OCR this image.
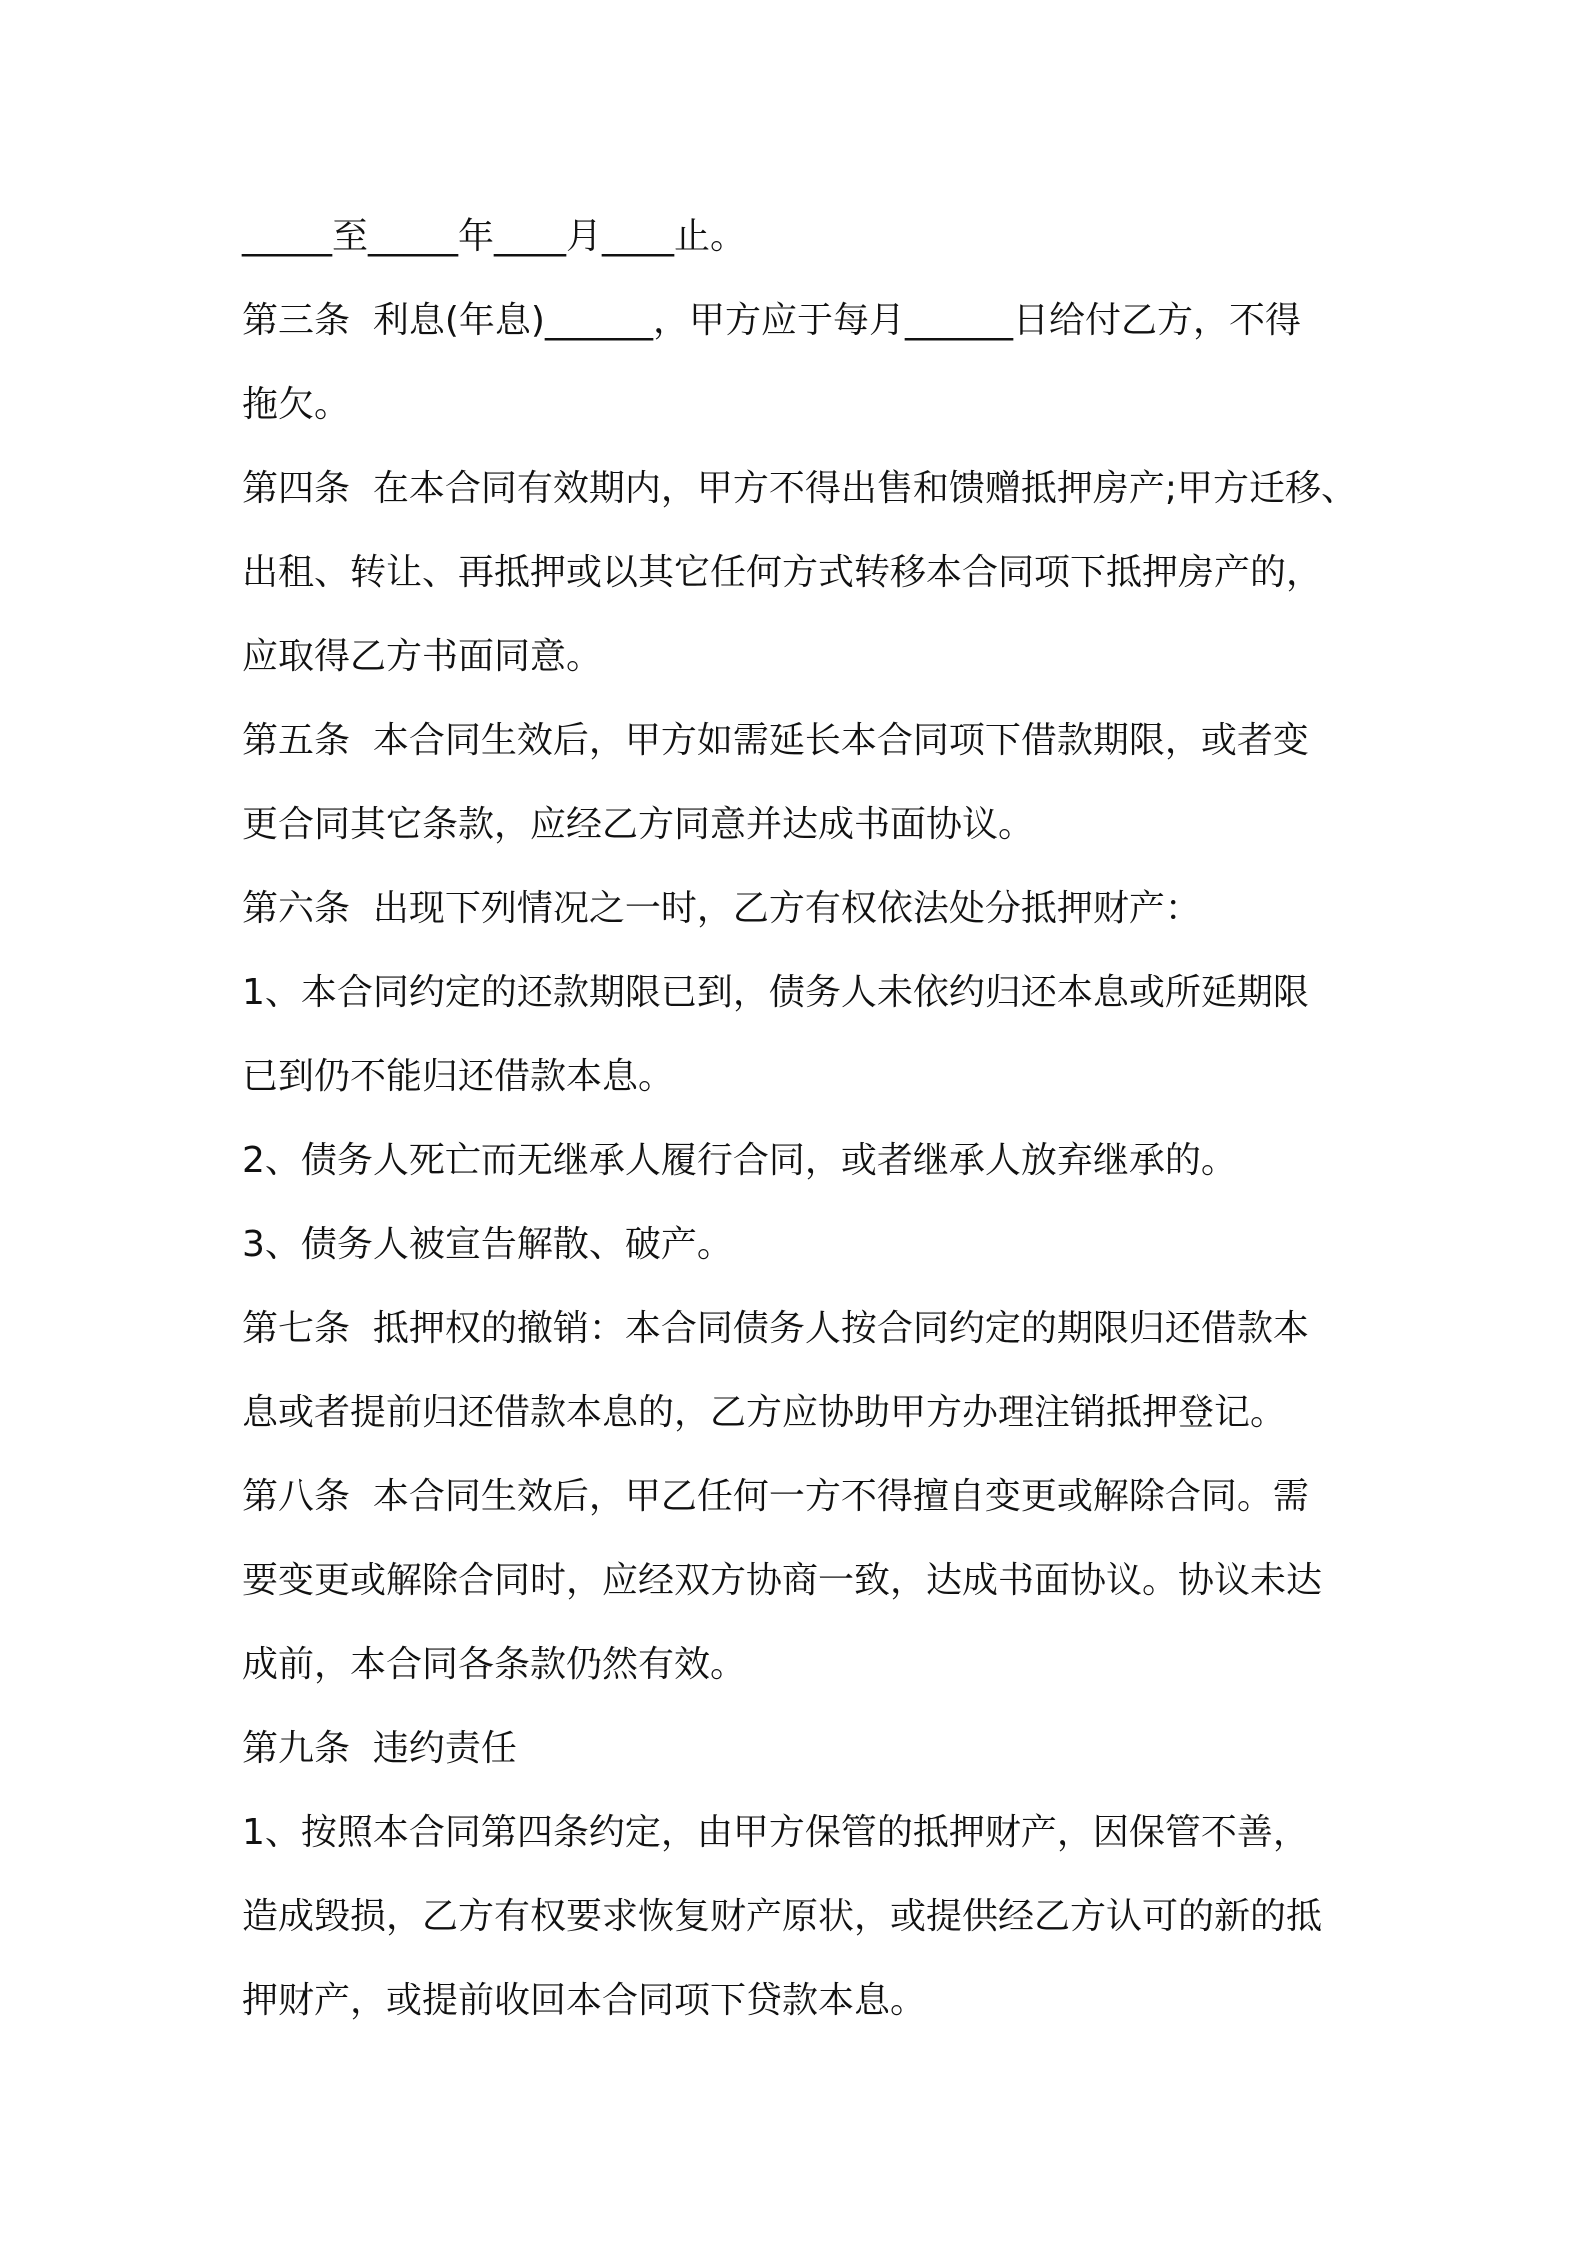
_____至_____年____月____止。
第三条  利息(年息)______，甲方应于每月______日给付乙方，不得
拖欠。
第四条  在本合同有效期内，甲方不得出售和馈赠抵押房产;甲方迁移、
出租、转让、再抵押或以其它任何方式转移本合同项下抵押房产的，
应取得乙方书面同意。
第五条  本合同生效后，甲方如需延长本合同项下借款期限，或者变
更合同其它条款，应经乙方同意并达成书面协议。
第六条  出现下列情况之一时，乙方有权依法处分抵押财产：
1、本合同约定的还款期限已到，债务人未依约归还本息或所延期限
已到仍不能归还借款本息。
2、债务人死亡而无继承人履行合同，或者继承人放弃继承的。
3、债务人被宣告解散、破产。
第七条  抵押权的撤销：本合同债务人按合同约定的期限归还借款本
息或者提前归还借款本息的，乙方应协助甲方办理注销抵押登记。
第八条  本合同生效后，甲乙任何一方不得擅自变更或解除合同。需
要变更或解除合同时，应经双方协商一致，达成书面协议。协议未达
成前，本合同各条款仍然有效。
第九条  违约责任
1、按照本合同第四条约定，由甲方保管的抵押财产，因保管不善，
造成毁损，乙方有权要求恢复财产原状，或提供经乙方认可的新的抵
押财产，或提前收回本合同项下贷款本息。
